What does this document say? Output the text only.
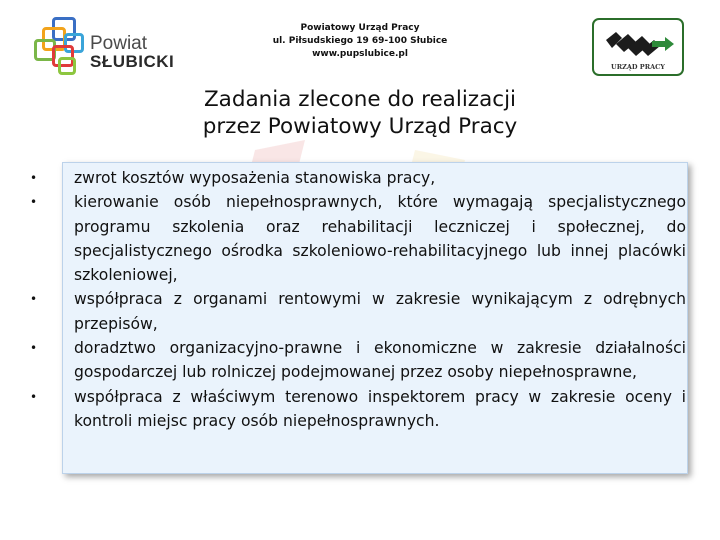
Powiat
SŁUBICKI
Powiatowy Urząd Pracy
ul. Piłsudskiego 19 69-100 Słubice
www.pupslubice.pl
URZĄD PRACY
Zadania zlecone do realizacji
przez Powiatowy Urząd Pracy
• zwrot kosztów wyposażenia stanowiska pracy,
• kierowanie osób niepełnosprawnych, które wymagają specjalistycznego programu szkolenia oraz rehabilitacji leczniczej i społecznej, do specjalistycznego ośrodka szkoleniowo-rehabilitacyjnego lub innej placówki szkoleniowej,
• współpraca z organami rentowymi w zakresie wynikającym z odrębnych przepisów,
• doradztwo organizacyjno-prawne i ekonomiczne w zakresie działalności gospodarczej lub rolniczej podejmowanej przez osoby niepełnosprawne,
• współpraca z właściwym terenowo inspektorem pracy w zakresie oceny i kontroli miejsc pracy osób niepełnosprawnych.
